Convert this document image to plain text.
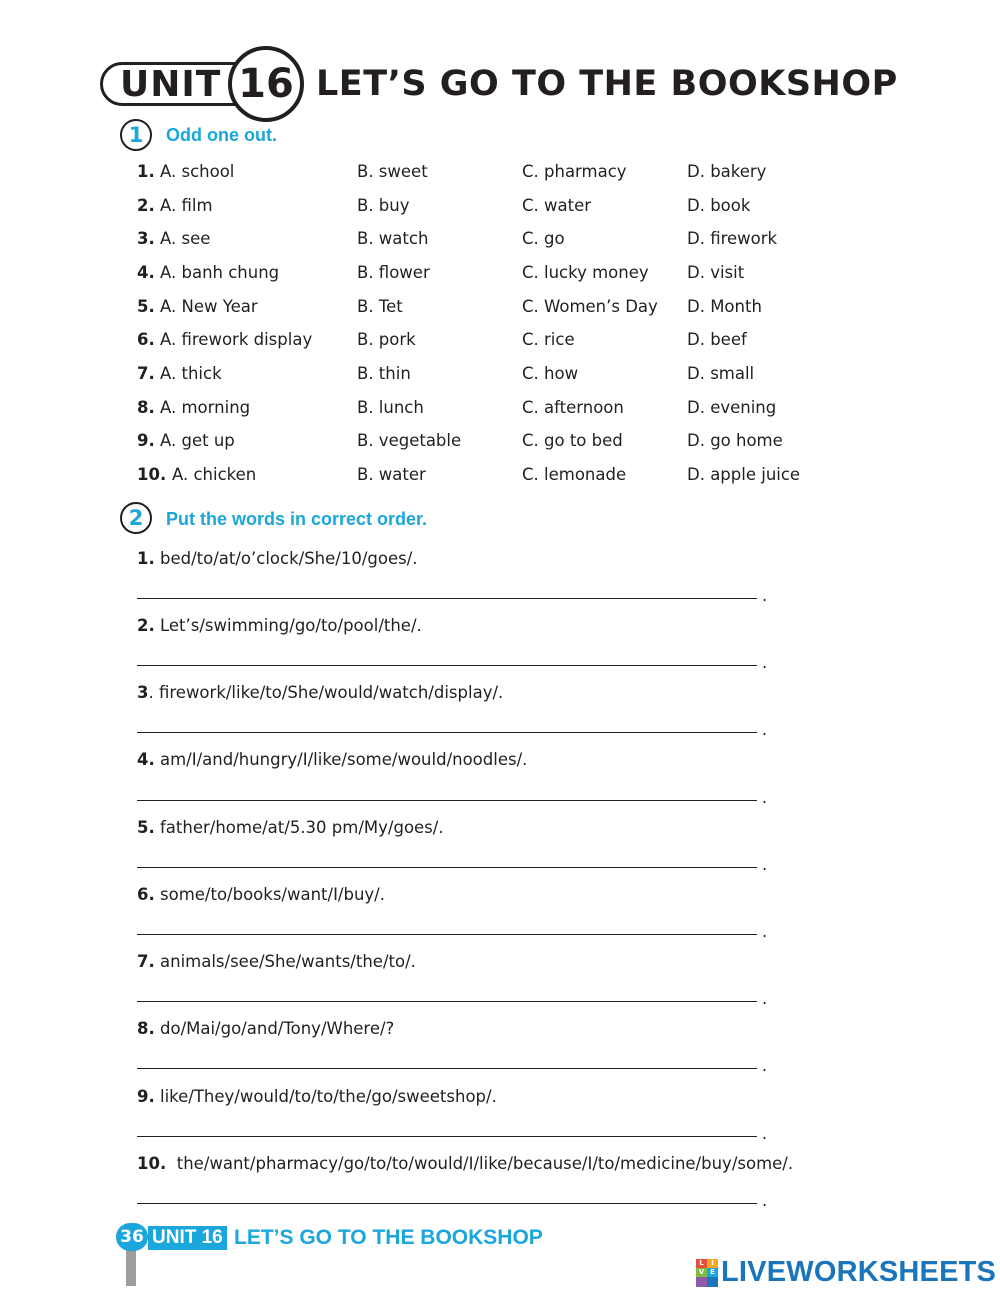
UNIT 16 LET’S GO TO THE BOOKSHOP
1	Odd one out.
1. A. school	B. sweet	C. pharmacy	D. bakery
2. A. film	B. buy	C. water	D. book
3. A. see	B. watch	C. go	D. firework
4. A. banh chung	B. flower	C. lucky money D. visit
5. A. New Year	B. Tet	C. Women’s Day D. Month
6. A. firework display	B. pork	C. rice	D. beef
7. A. thick	B. thin	C. how	D. small
8. A. morning	B. lunch	C. afternoon	D. evening
9. A. get up	B. vegetable	C. go to bed	D. go home
10. A. chicken	B. water	C. lemonade	D. apple juice
2	Put the words in correct order.
1. bed/to/at/o’clock/She/10/goes/.
.
2. Let’s/swimming/go/to/pool/the/.
.
3. firework/like/to/She/would/watch/display/.
.
4. am/I/and/hungry/I/like/some/would/noodles/.
.
5. father/home/at/5.30 pm/My/goes/.
.
6. some/to/books/want/I/buy/.
.
7. animals/see/She/wants/the/to/.
.
8. do/Mai/go/and/Tony/Where/?
.
9. like/They/would/to/to/the/go/sweetshop/.
.
10. the/want/pharmacy/go/to/to/would/I/like/because/I/to/medicine/buy/some/.
.
36 UNIT 16 LET’S GO TO THE BOOKSHOP
L	I
V E LIVEWORKSHEETS
